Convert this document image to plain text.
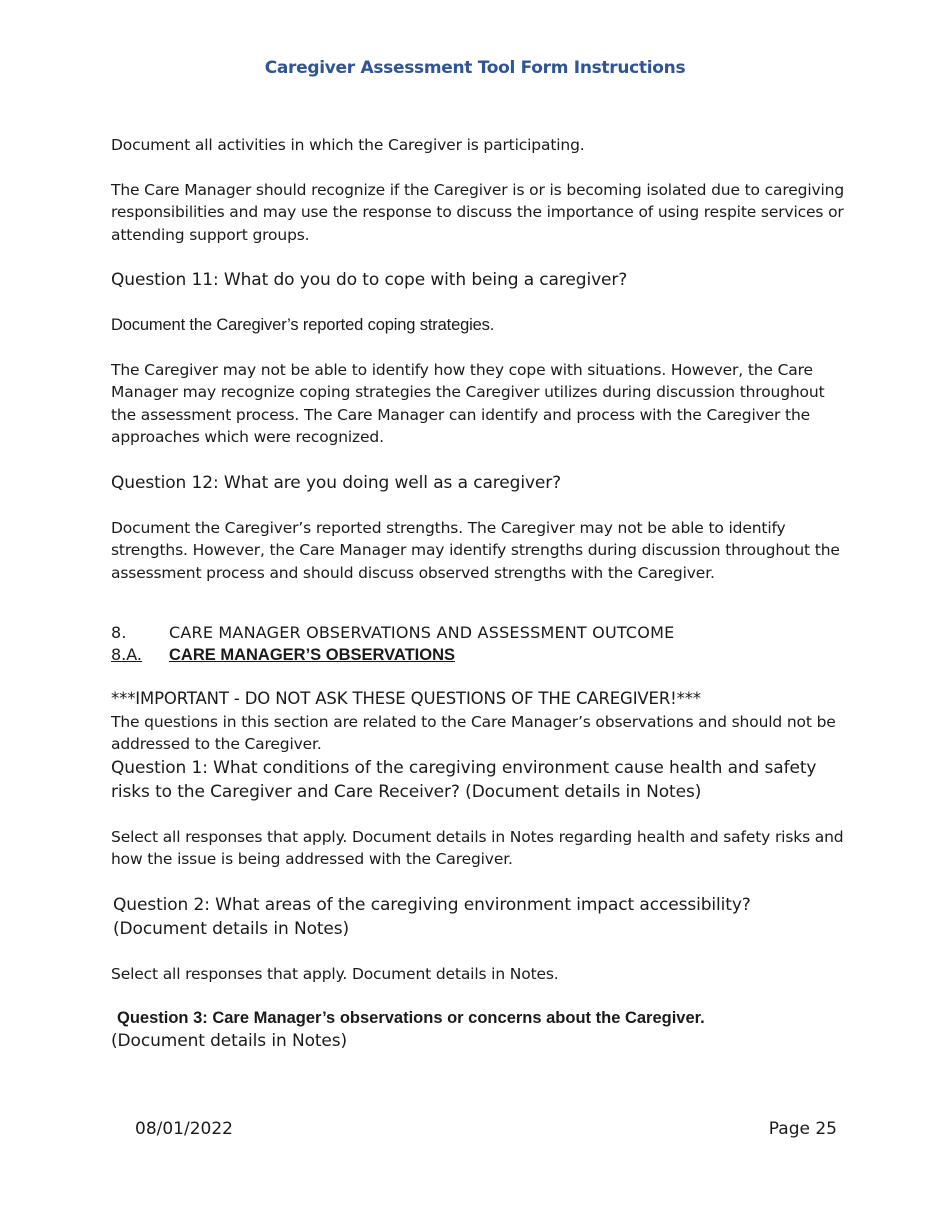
Caregiver Assessment Tool Form Instructions

Document all activities in which the Caregiver is participating.

The Care Manager should recognize if the Caregiver is or is becoming isolated due to caregiving responsibilities and may use the response to discuss the importance of using respite services or attending support groups.

Question 11: What do you do to cope with being a caregiver?

Document the Caregiver’s reported coping strategies.

The Caregiver may not be able to identify how they cope with situations. However, the Care Manager may recognize coping strategies the Caregiver utilizes during discussion throughout the assessment process. The Care Manager can identify and process with the Caregiver the approaches which were recognized.

Question 12: What are you doing well as a caregiver?

Document the Caregiver’s reported strengths. The Caregiver may not be able to identify strengths. However, the Care Manager may identify strengths during discussion throughout the assessment process and should discuss observed strengths with the Caregiver.

8.	CARE MANAGER OBSERVATIONS AND ASSESSMENT OUTCOME
8.A.	CARE MANAGER’S OBSERVATIONS

***IMPORTANT - DO NOT ASK THESE QUESTIONS OF THE CAREGIVER!***

The questions in this section are related to the Care Manager’s observations and should not be addressed to the Caregiver.

Question 1: What conditions of the caregiving environment cause health and safety risks to the Caregiver and Care Receiver? (Document details in Notes)

Select all responses that apply. Document details in Notes regarding health and safety risks and how the issue is being addressed with the Caregiver.

Question 2: What areas of the caregiving environment impact accessibility? (Document details in Notes)

Select all responses that apply. Document details in Notes.

Question 3: Care Manager’s observations or concerns about the Caregiver.

(Document details in Notes)

08/01/2022	Page 25
